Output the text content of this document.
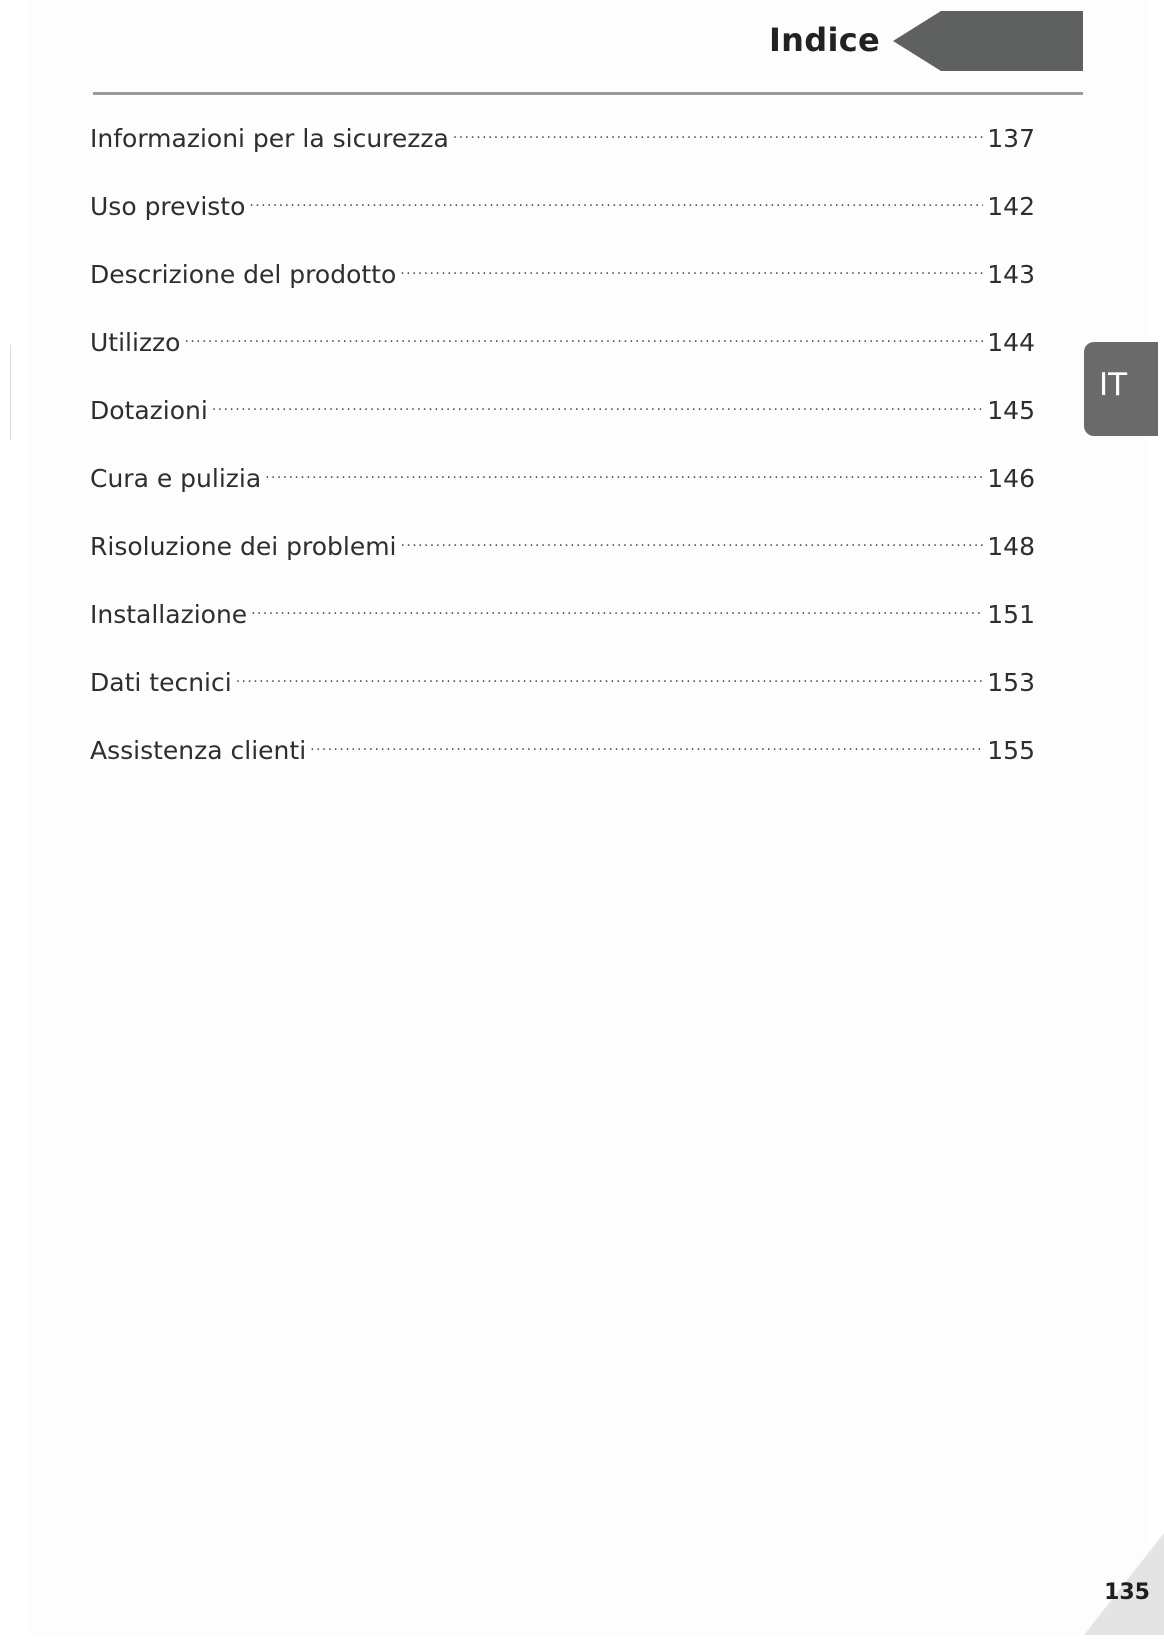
Indice
Informazioni per la sicurezza .....	137
Uso previsto .....	142
Descrizione del prodotto .....	143
Utilizzo .....	144
Dotazioni .....	145
Cura e pulizia .....	146
Risoluzione dei problemi .....	148
Installazione .....	151
Dati tecnici .....	153
Assistenza clienti .....	155
IT
135
